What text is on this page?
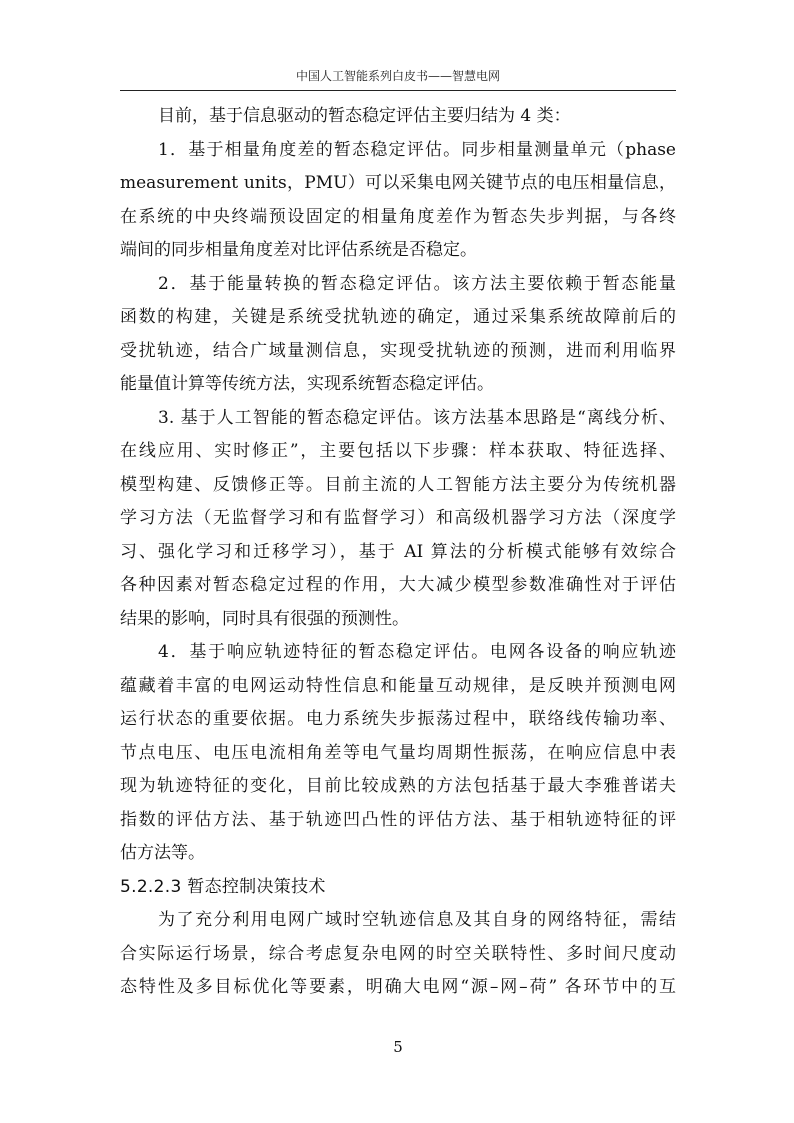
中国人工智能系列白皮书——智慧电网
目前，基于信息驱动的暂态稳定评估主要归结为 4 类：
1．基于相量角度差的暂态稳定评估。同步相量测量单元（phase
measurement units，PMU）可以采集电网关键节点的电压相量信息，
在系统的中央终端预设固定的相量角度差作为暂态失步判据，与各终
端间的同步相量角度差对比评估系统是否稳定。
2．基于能量转换的暂态稳定评估。该方法主要依赖于暂态能量
函数的构建，关键是系统受扰轨迹的确定，通过采集系统故障前后的
受扰轨迹，结合广域量测信息，实现受扰轨迹的预测，进而利用临界
能量值计算等传统方法，实现系统暂态稳定评估。
3. 基于人工智能的暂态稳定评估。该方法基本思路是“离线分析、
在线应用、实时修正”，主要包括以下步骤：样本获取、特征选择、
模型构建、反馈修正等。目前主流的人工智能方法主要分为传统机器
学习方法（无监督学习和有监督学习）和高级机器学习方法（深度学
习、强化学习和迁移学习），基于 AI 算法的分析模式能够有效综合
各种因素对暂态稳定过程的作用，大大减少模型参数准确性对于评估
结果的影响，同时具有很强的预测性。
4．基于响应轨迹特征的暂态稳定评估。电网各设备的响应轨迹
蕴藏着丰富的电网运动特性信息和能量互动规律，是反映并预测电网
运行状态的重要依据。电力系统失步振荡过程中，联络线传输功率、
节点电压、电压电流相角差等电气量均周期性振荡，在响应信息中表
现为轨迹特征的变化，目前比较成熟的方法包括基于最大李雅普诺夫
指数的评估方法、基于轨迹凹凸性的评估方法、基于相轨迹特征的评
估方法等。
5.2.2.3 暂态控制决策技术
为了充分利用电网广域时空轨迹信息及其自身的网络特征，需结
合实际运行场景，综合考虑复杂电网的时空关联特性、多时间尺度动
态特性及多目标优化等要素，明确大电网“源–网–荷” 各环节中的互
5
